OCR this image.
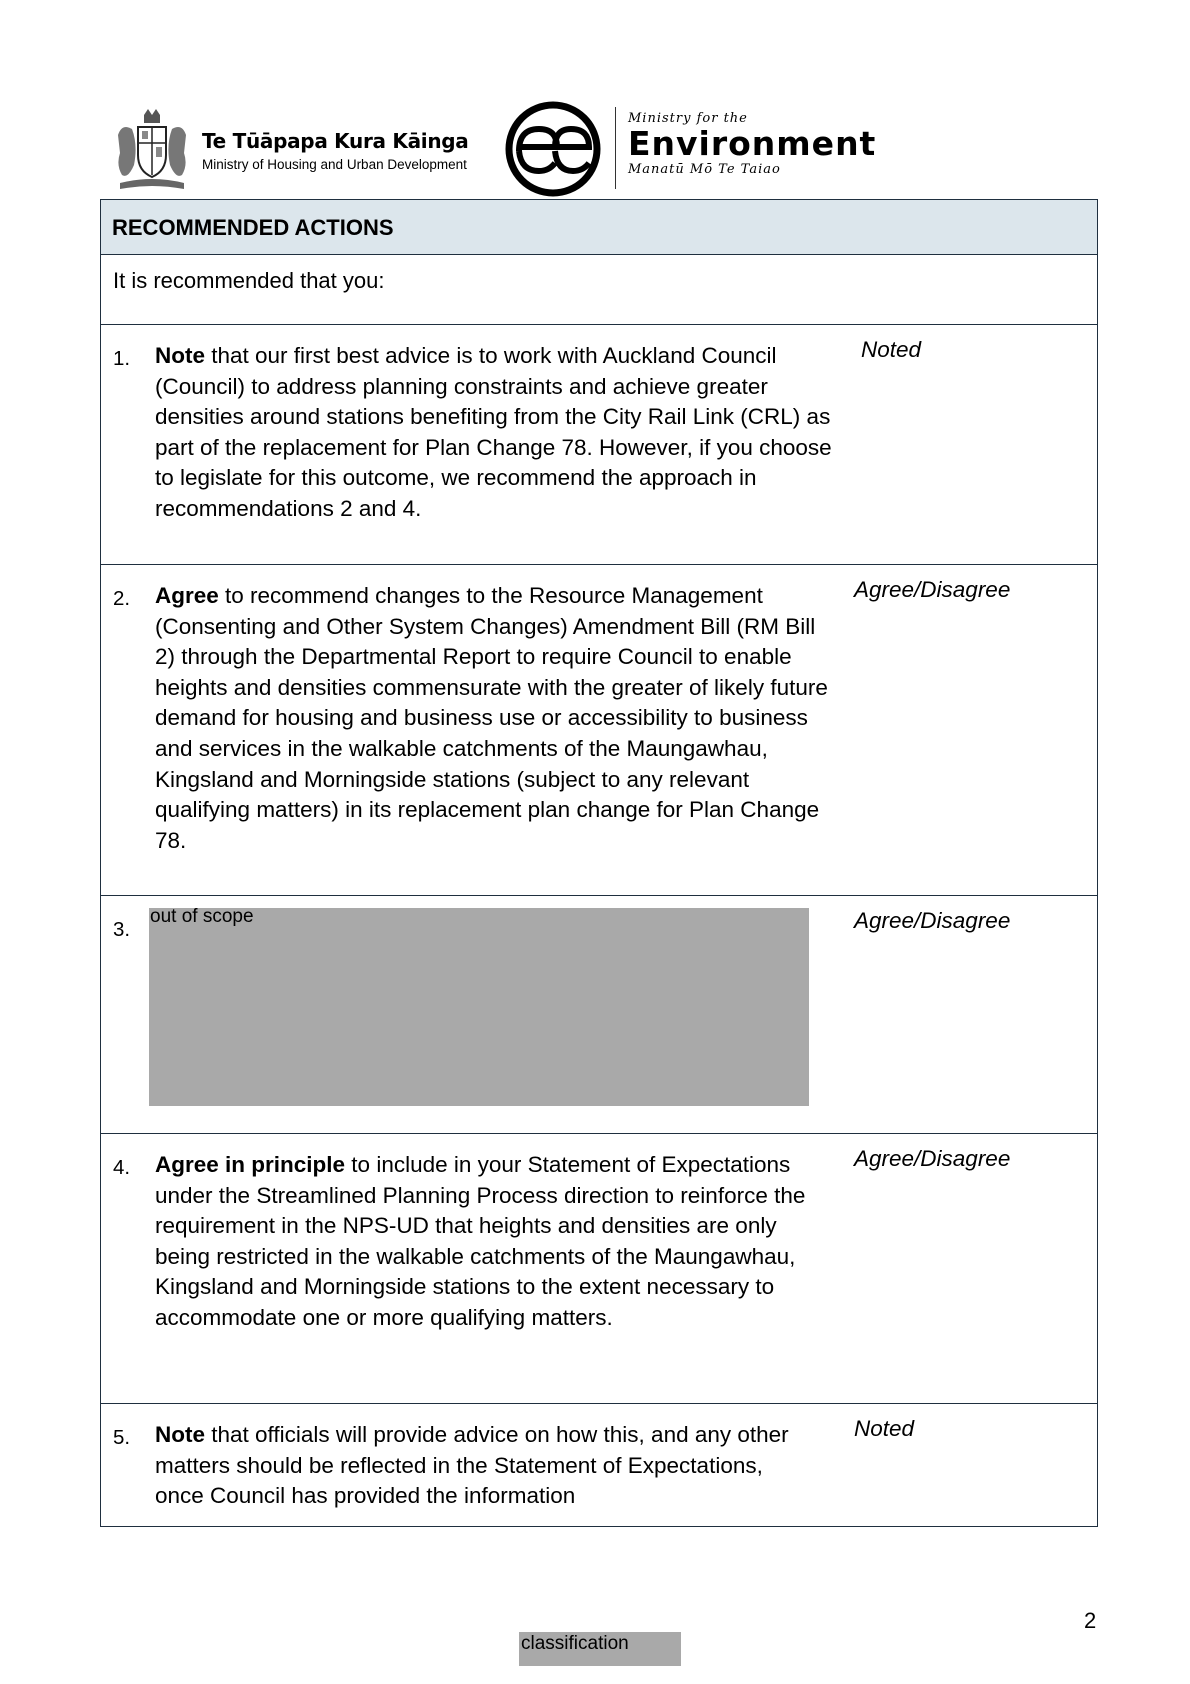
Te Tūāpapa Kura Kāinga
Ministry of Housing and Urban Development
Ministry for the
Environment
Manatū Mō Te Taiao
RECOMMENDED ACTIONS
It is recommended that you:
1. Note that our first best advice is to work with Auckland Council (Council) to address planning constraints and achieve greater densities around stations benefiting from the City Rail Link (CRL) as part of the replacement for Plan Change 78. However, if you choose to legislate for this outcome, we recommend the approach in recommendations 2 and 4.
Noted
2. Agree to recommend changes to the Resource Management (Consenting and Other System Changes) Amendment Bill (RM Bill 2) through the Departmental Report to require Council to enable heights and densities commensurate with the greater of likely future demand for housing and business use or accessibility to business and services in the walkable catchments of the Maungawhau, Kingsland and Morningside stations (subject to any relevant qualifying matters) in its replacement plan change for Plan Change 78.
Agree/Disagree
3.
out of scope	Agree/Disagree
4. Agree in principle to include in your Statement of Expectations under the Streamlined Planning Process direction to reinforce the requirement in the NPS-UD that heights and densities are only being restricted in the walkable catchments of the Maungawhau, Kingsland and Morningside stations to the extent necessary to accommodate one or more qualifying matters.
Agree/Disagree
5. Note that officials will provide advice on how this, and any other matters should be reflected in the Statement of Expectations, once Council has provided the information
Noted
2
classification
